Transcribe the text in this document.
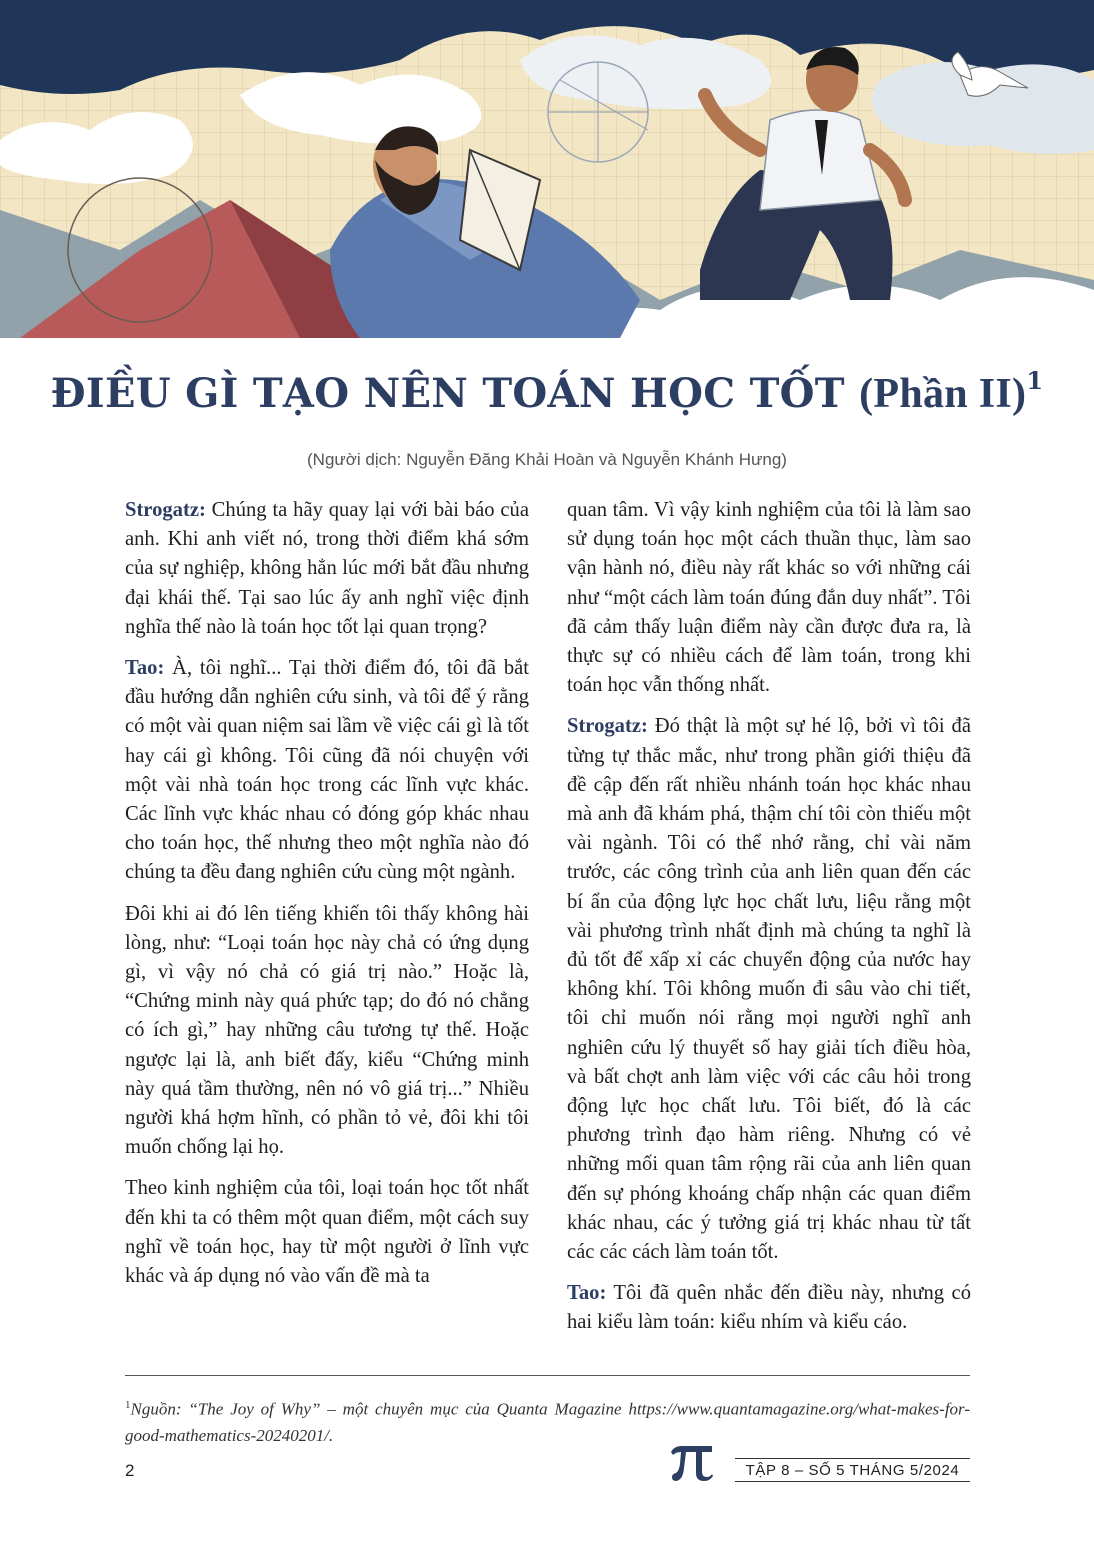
ĐIỀU GÌ TẠO NÊN TOÁN HỌC TỐT (Phần II)$^1$
(Người dịch: Nguyễn Đăng Khải Hoàn và Nguyễn Khánh Hưng)

Strogatz: Chúng ta hãy quay lại với bài báo của anh. Khi anh viết nó, trong thời điểm khá sớm của sự nghiệp, không hẳn lúc mới bắt đầu nhưng đại khái thế. Tại sao lúc ấy anh nghĩ việc định nghĩa thế nào là toán học tốt lại quan trọng?

Tao: À, tôi nghĩ... Tại thời điểm đó, tôi đã bắt đầu hướng dẫn nghiên cứu sinh, và tôi để ý rằng có một vài quan niệm sai lầm về việc cái gì là tốt hay cái gì không. Tôi cũng đã nói chuyện với một vài nhà toán học trong các lĩnh vực khác. Các lĩnh vực khác nhau có đóng góp khác nhau cho toán học, thế nhưng theo một nghĩa nào đó chúng ta đều đang nghiên cứu cùng một ngành.

Đôi khi ai đó lên tiếng khiến tôi thấy không hài lòng, như: “Loại toán học này chả có ứng dụng gì, vì vậy nó chả có giá trị nào.” Hoặc là, “Chứng minh này quá phức tạp; do đó nó chẳng có ích gì,” hay những câu tương tự thế. Hoặc ngược lại là, anh biết đấy, kiểu “Chứng minh này quá tầm thường, nên nó vô giá trị...” Nhiều người khá hợm hĩnh, có phần tỏ vẻ, đôi khi tôi muốn chống lại họ.

Theo kinh nghiệm của tôi, loại toán học tốt nhất đến khi ta có thêm một quan điểm, một cách suy nghĩ về toán học, hay từ một người ở lĩnh vực khác và áp dụng nó vào vấn đề mà ta

quan tâm. Vì vậy kinh nghiệm của tôi là làm sao sử dụng toán học một cách thuần thục, làm sao vận hành nó, điều này rất khác so với những cái như “một cách làm toán đúng đắn duy nhất”. Tôi đã cảm thấy luận điểm này cần được đưa ra, là thực sự có nhiều cách để làm toán, trong khi toán học vẫn thống nhất.

Strogatz: Đó thật là một sự hé lộ, bởi vì tôi đã từng tự thắc mắc, như trong phần giới thiệu đã đề cập đến rất nhiều nhánh toán học khác nhau mà anh đã khám phá, thậm chí tôi còn thiếu một vài ngành. Tôi có thể nhớ rằng, chỉ vài năm trước, các công trình của anh liên quan đến các bí ẩn của động lực học chất lưu, liệu rằng một vài phương trình nhất định mà chúng ta nghĩ là đủ tốt để xấp xỉ các chuyển động của nước hay không khí. Tôi không muốn đi sâu vào chi tiết, tôi chỉ muốn nói rằng mọi người nghĩ anh nghiên cứu lý thuyết số hay giải tích điều hòa, và bất chợt anh làm việc với các câu hỏi trong động lực học chất lưu. Tôi biết, đó là các phương trình đạo hàm riêng. Nhưng có vẻ những mối quan tâm rộng rãi của anh liên quan đến sự phóng khoáng chấp nhận các quan điểm khác nhau, các ý tưởng giá trị khác nhau từ tất các các cách làm toán tốt.

Tao: Tôi đã quên nhắc đến điều này, nhưng có hai kiểu làm toán: kiểu nhím và kiểu cáo.

$^1$Nguồn: “The Joy of Why” – một chuyên mục của Quanta Magazine https://www.quantamagazine.org/what-makes-for-good-mathematics-20240201/.
2	TẬP 8 – SỐ 5 THÁNG 5/2024
